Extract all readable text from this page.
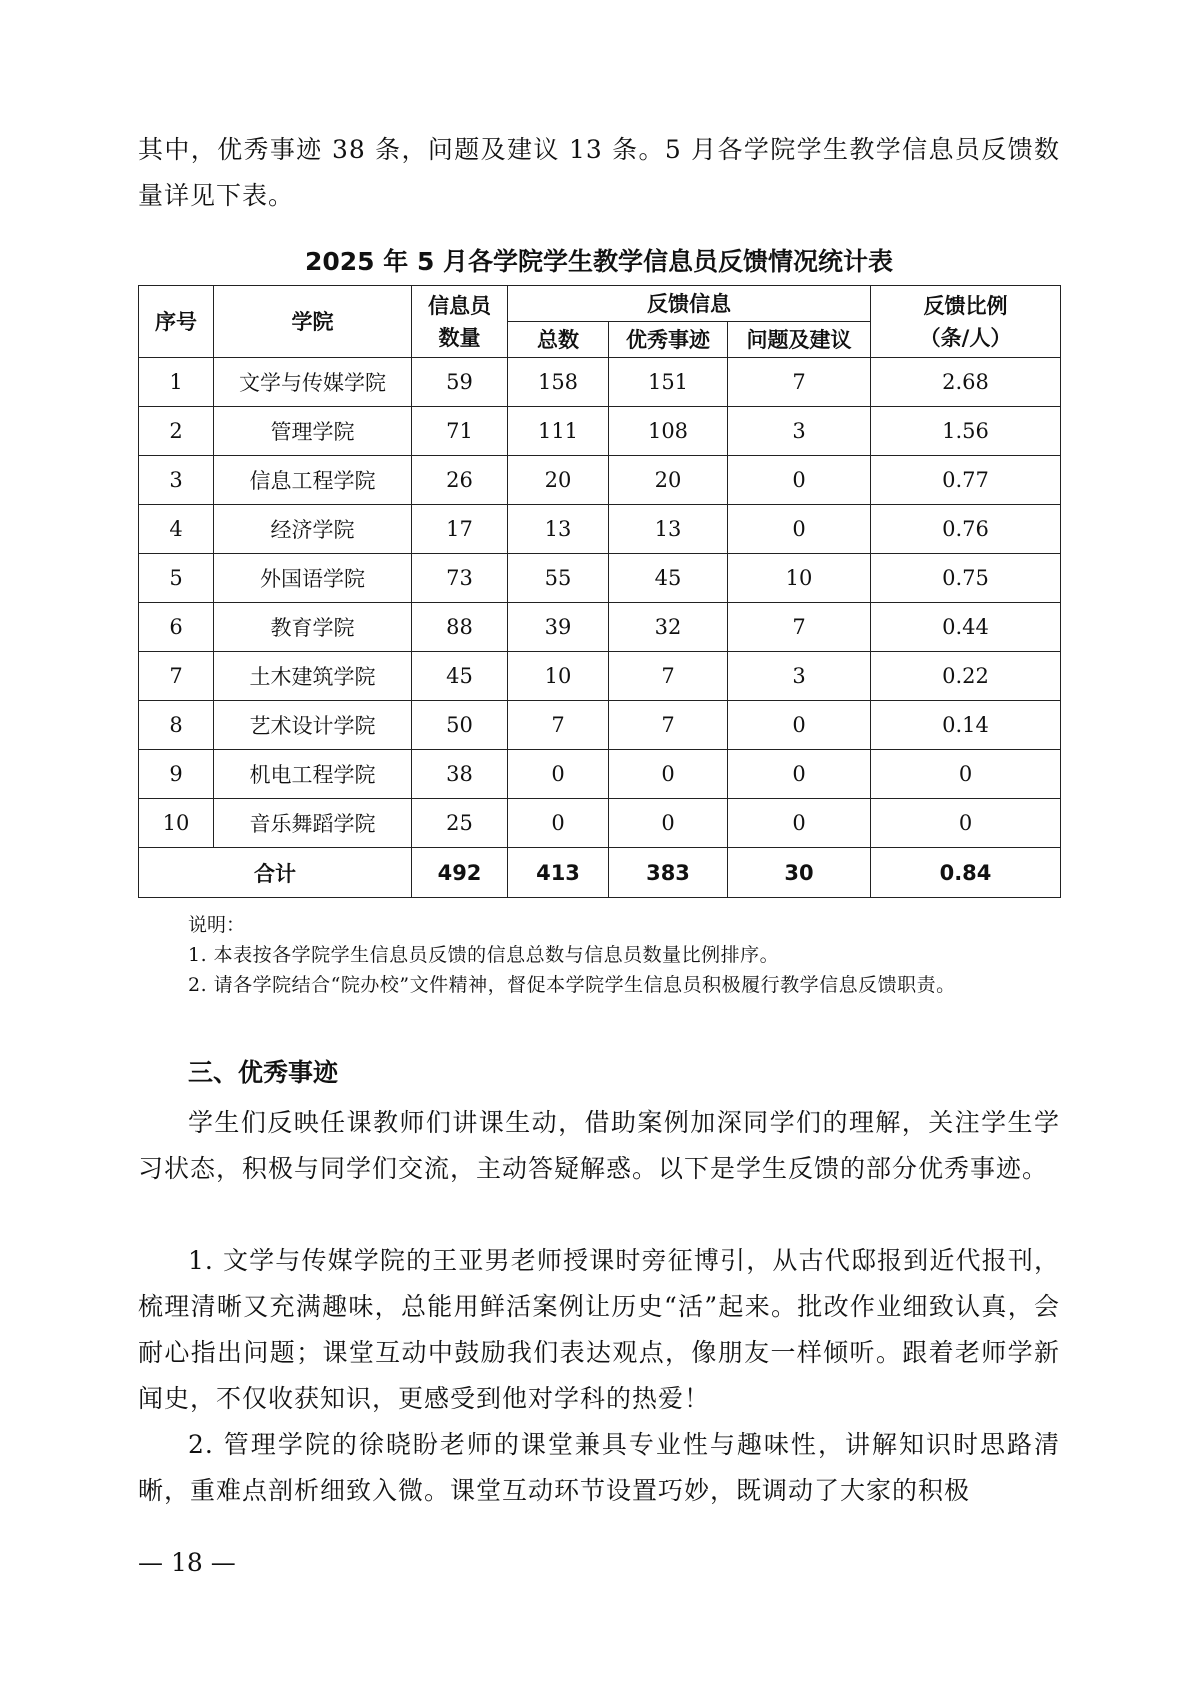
其中，优秀事迹 38 条，问题及建议 13 条。5 月各学院学生教学信息员反馈数量详见下表。

2025 年 5 月各学院学生教学信息员反馈情况统计表
序号	学院	信息员数量	反馈信息			反馈比例（条/人）
			总数	优秀事迹	问题及建议	
1	文学与传媒学院	59	158	151	7	2.68
2	管理学院	71	111	108	3	1.56
3	信息工程学院	26	20	20	0	0.77
4	经济学院	17	13	13	0	0.76
5	外国语学院	73	55	45	10	0.75
6	教育学院	88	39	32	7	0.44
7	土木建筑学院	45	10	7	3	0.22
8	艺术设计学院	50	7	7	0	0.14
9	机电工程学院	38	0	0	0	0
10	音乐舞蹈学院	25	0	0	0	0
合计		492	413	383	30	0.84
说明：
1. 本表按各学院学生信息员反馈的信息总数与信息员数量比例排序。
2. 请各学院结合“院办校”文件精神，督促本学院学生信息员积极履行教学信息反馈职责。
三、优秀事迹

学生们反映任课教师们讲课生动，借助案例加深同学们的理解，关注学生学习状态，积极与同学们交流，主动答疑解惑。以下是学生反馈的部分优秀事迹。

1. 文学与传媒学院的王亚男老师授课时旁征博引，从古代邸报到近代报刊，梳理清晰又充满趣味，总能用鲜活案例让历史“活”起来。批改作业细致认真，会耐心指出问题；课堂互动中鼓励我们表达观点，像朋友一样倾听。跟着老师学新闻史，不仅收获知识，更感受到他对学科的热爱！

2. 管理学院的徐晓盼老师的课堂兼具专业性与趣味性，讲解知识时思路清晰，重难点剖析细致入微。课堂互动环节设置巧妙，既调动了大家的积极

— 18 —
